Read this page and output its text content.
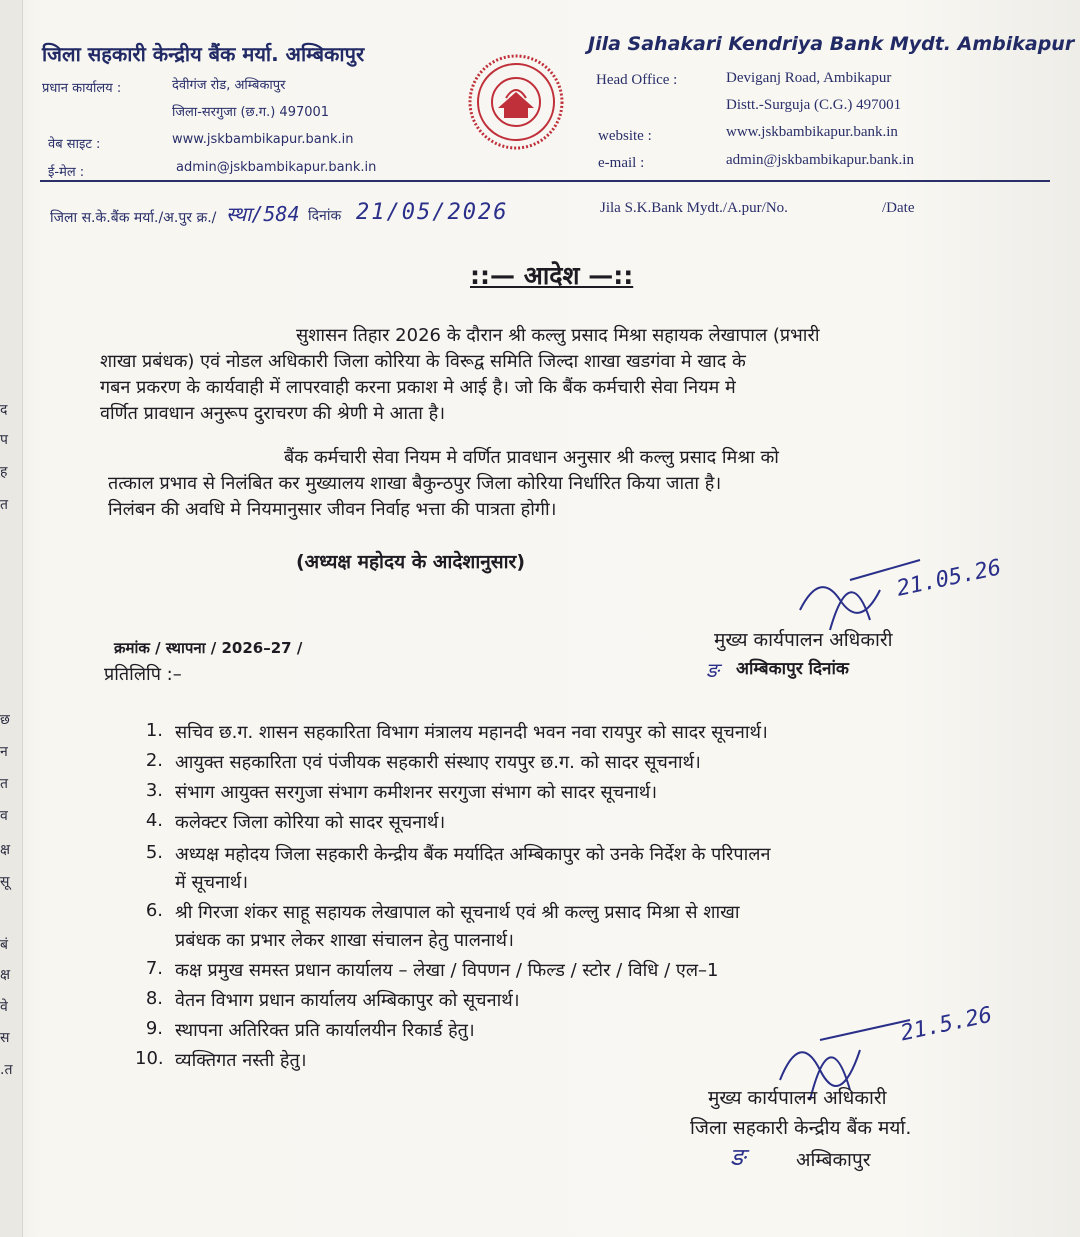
द
प
ह
त
छ
न
त
व
क्ष
सू
बं
क्ष
वे
स
.त
जिला सहकारी केन्द्रीय बैंक मर्या. अम्बिकापुर
प्रधान कार्यालय :	देवीगंज रोड, अम्बिकापुर
जिला-सरगुजा (छ.ग.) 497001
वेब साइट :	www.jskbambikapur.bank.in
ई-मेल :	admin@jskbambikapur.bank.in
Jila Sahakari Kendriya Bank Mydt. Ambikapur
Head Office :	Deviganj Road, Ambikapur
Distt.-Surguja (C.G.) 497001
website :	www.jskbambikapur.bank.in
e-mail :	admin@jskbambikapur.bank.in
जिला स.के.बैंक मर्या./अ.पुर क्र./ स्था/584 दिनांक 21/05/2026	Jila S.K.Bank Mydt./A.pur/No.	/Date
::— आदेश —::
सुशासन तिहार 2026 के दौरान श्री कल्लु प्रसाद मिश्रा सहायक लेखापाल (प्रभारी
शाखा प्रबंधक) एवं नोडल अधिकारी जिला कोरिया के विरूद्व समिति जिल्दा शाखा खडगंवा मे खाद के
गबन प्रकरण के कार्यवाही में लापरवाही करना प्रकाश मे आई है। जो कि बैंक कर्मचारी सेवा नियम मे
वर्णित प्रावधान अनुरूप दुराचरण की श्रेणी मे आता है।
बैंक कर्मचारी सेवा नियम मे वर्णित प्रावधान अनुसार श्री कल्लु प्रसाद मिश्रा को
तत्काल प्रभाव से निलंबित कर मुख्यालय शाखा बैकुन्ठपुर जिला कोरिया निर्धारित किया जाता है।
निलंबन की अवधि मे नियमानुसार जीवन निर्वाह भत्ता की पात्रता होगी।
(अध्यक्ष महोदय के आदेशानुसार)	21.05.26
मुख्य कार्यपालन अधिकारी
अम्बिकापुर दिनांक
ङ
क्रमांक / स्थापना / 2026–27 /
प्रतिलिपि :–
1. सचिव छ.ग. शासन सहकारिता विभाग मंत्रालय महानदी भवन नवा रायपुर को सादर सूचनार्थ।
2. आयुक्त सहकारिता एवं पंजीयक सहकारी संस्थाए रायपुर छ.ग. को सादर सूचनार्थ।
3. संभाग आयुक्त सरगुजा संभाग कमीशनर सरगुजा संभाग को सादर सूचनार्थ।
4. कलेक्टर जिला कोरिया को सादर सूचनार्थ।
5. अध्यक्ष महोदय जिला सहकारी केन्द्रीय बैंक मर्यादित अम्बिकापुर को उनके निर्देश के परिपालन
में सूचनार्थ।
6. श्री गिरजा शंकर साहू सहायक लेखापाल को सूचनार्थ एवं श्री कल्लु प्रसाद मिश्रा से शाखा
प्रबंधक का प्रभार लेकर शाखा संचालन हेतु पालनार्थ।
7. कक्ष प्रमुख समस्त प्रधान कार्यालय – लेखा / विपणन / फिल्ड / स्टोर / विधि / एल–1
8. वेतन विभाग प्रधान कार्यालय अम्बिकापुर को सूचनार्थ।
9. स्थापना अतिरिक्त प्रति कार्यालयीन रिकार्ड हेतु।
10. व्यक्तिगत नस्ती हेतु।
21.5.26
मुख्य कार्यपालन अधिकारी
जिला सहकारी केन्द्रीय बैंक मर्या.
अम्बिकापुर
ङ
